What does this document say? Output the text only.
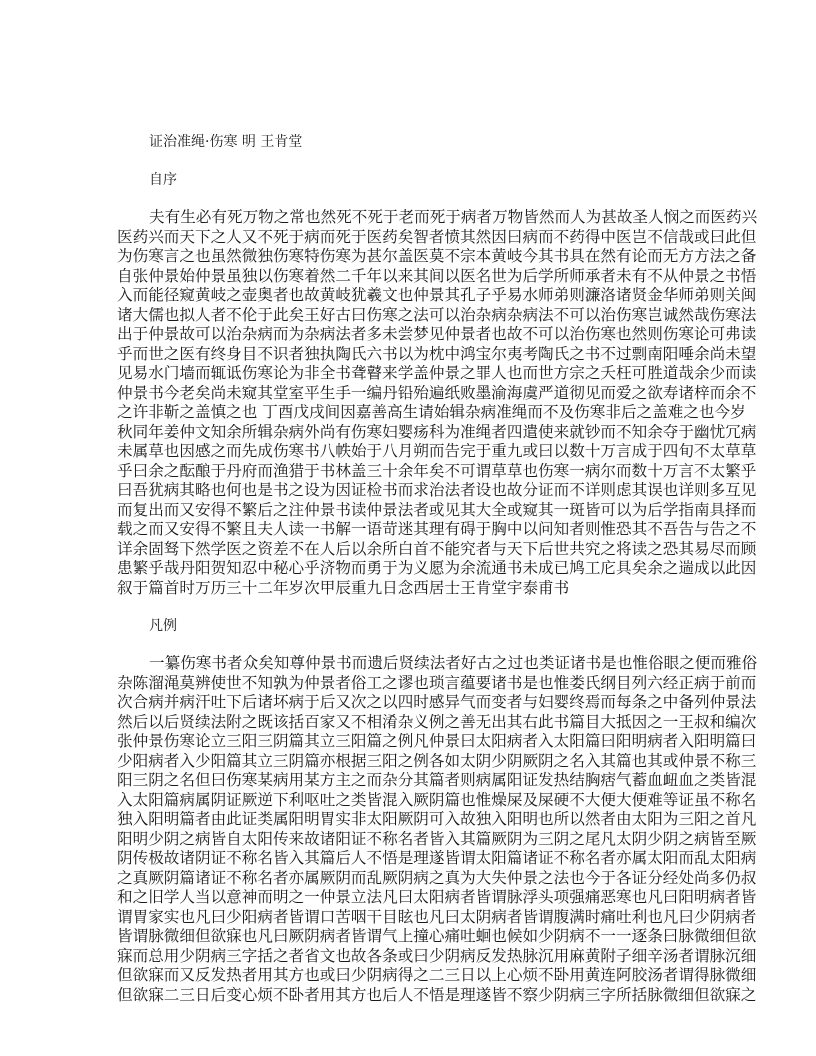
证治准绳·伤寒 明 王肯堂
自序
夫有生必有死万物之常也然死不死于老而死于病者万物皆然而人为甚故圣人悯之而医药兴
医药兴而天下之人又不死于病而死于医药矣智者愤其然因曰病而不药得中医岂不信哉或曰此但
为伤寒言之也虽然微独伤寒特伤寒为甚尔盖医莫不宗本黄岐今其书具在然有论而无方方法之备
自张仲景始仲景虽独以伤寒着然二千年以来其间以医名世为后学所师承者未有不从仲景之书悟
入而能径窥黄岐之壶奥者也故黄岐犹羲文也仲景其孔子乎易水师弟则濂洛诸贤金华师弟则关闽
诸大儒也拟人者不伦于此矣王好古曰伤寒之法可以治杂病杂病法不可以治伤寒岂诚然哉伤寒法
出于仲景故可以治杂病而为杂病法者多未尝梦见仲景者也故不可以治伤寒也然则伤寒论可弗读
乎而世之医有终身目不识者独执陶氏六书以为枕中鸿宝尔夷考陶氏之书不过剽南阳唾余尚未望
见易水门墙而辄诋伤寒论为非全书聋瞽来学盖仲景之罪人也而世方宗之夭枉可胜道哉余少而读
仲景书今老矣尚未窥其堂室平生手一编丹铅殆遍纸败墨渝海虞严道彻见而爱之欲寿诸梓而余不
之许非靳之盖慎之也 丁酉戊戌间因嘉善高生请始辑杂病准绳而不及伤寒非后之盖难之也今岁
秋同年姜仲文知余所辑杂病外尚有伤寒妇婴疡科为准绳者四遣使来就钞而不知余夺于幽忧冗病
未属草也因感之而先成伤寒书八帙始于八月朔而告完于重九或曰以数十万言成于四旬不太草草
乎曰余之酝酿于丹府而渔猎于书林盖三十余年矣不可谓草草也伤寒一病尔而数十万言不太繁乎
曰吾犹病其略也何也是书之设为因证检书而求治法者设也故分证而不详则虑其误也详则多互见
而复出而又安得不繁后之注仲景书读仲景法者或见其大全或窥其一斑皆可以为后学指南具择而
载之而又安得不繁且夫人读一书解一语苛迷其理有碍于胸中以问知者则惟恐其不吾告与告之不
详余固驽下然学医之资差不在人后以余所白首不能究者与天下后世共究之将读之恐其易尽而顾
患繁乎哉丹阳贺知忍中秘心乎济物而勇于为义愿为余流通书未成已鸠工庀具矣余之遄成以此因
叙于篇首时万历三十二年岁次甲辰重九日念西居士王肯堂宇泰甫书
凡例
一纂伤寒书者众矣知尊仲景书而遗后贤续法者好古之过也类证诸书是也惟俗眼之便而雅俗
杂陈溜渑莫辨使世不知孰为仲景者俗工之谬也琐言蕴要诸书是也惟娄氏纲目列六经正病于前而
次合病并病汗吐下后诸坏病于后又次之以四时感异气而变者与妇婴终焉而每条之中备列仲景法
然后以后贤续法附之既该括百家又不相淆杂义例之善无出其右此书篇目大抵因之一王叔和编次
张仲景伤寒论立三阳三阴篇其立三阳篇之例凡仲景曰太阳病者入太阳篇曰阳明病者入阳明篇曰
少阳病者入少阳篇其立三阴篇亦根据三阳之例各如太阴少阴厥阴之名入其篇也其或仲景不称三
阳三阴之名但曰伤寒某病用某方主之而杂分其篇者则病属阳证发热结胸痞气蓄血衄血之类皆混
入太阳篇病属阴证厥逆下利呕吐之类皆混入厥阴篇也惟燥屎及屎硬不大便大便难等证虽不称名
独入阳明篇者由此证类属阳明胃实非太阳厥阴可入故独入阳明也所以然者由太阳为三阳之首凡
阳明少阴之病皆自太阳传来故诸阳证不称名者皆入其篇厥阴为三阴之尾凡太阴少阴之病皆至厥
阴传极故诸阴证不称名皆入其篇后人不悟是理遂皆谓太阳篇诸证不称名者亦属太阳而乱太阳病
之真厥阴篇诸证不称名者亦属厥阴而乱厥阴病之真为大失仲景之法也今于各证分经处尚多仍叔
和之旧学人当以意神而明之一仲景立法凡曰太阳病者皆谓脉浮头项强痛恶寒也凡曰阳明病者皆
谓胃家实也凡曰少阳病者皆谓口苦咽干目眩也凡曰太阴病者皆谓腹满时痛吐利也凡曰少阴病者
皆谓脉微细但欲寐也凡曰厥阴病者皆谓气上撞心痛吐蛔也候如少阴病不一一逐条曰脉微细但欲
寐而总用少阴病三字括之者省文也故各条或曰少阴病反发热脉沉用麻黄附子细辛汤者谓脉沉细
但欲寐而又反发热者用其方也或曰少阴病得之二三日以上心烦不卧用黄连阿胶汤者谓得脉微细
但欲寐二三日后变心烦不卧者用其方也后人不悟是理遂皆不察少阴病三字所括脉微细但欲寐之
